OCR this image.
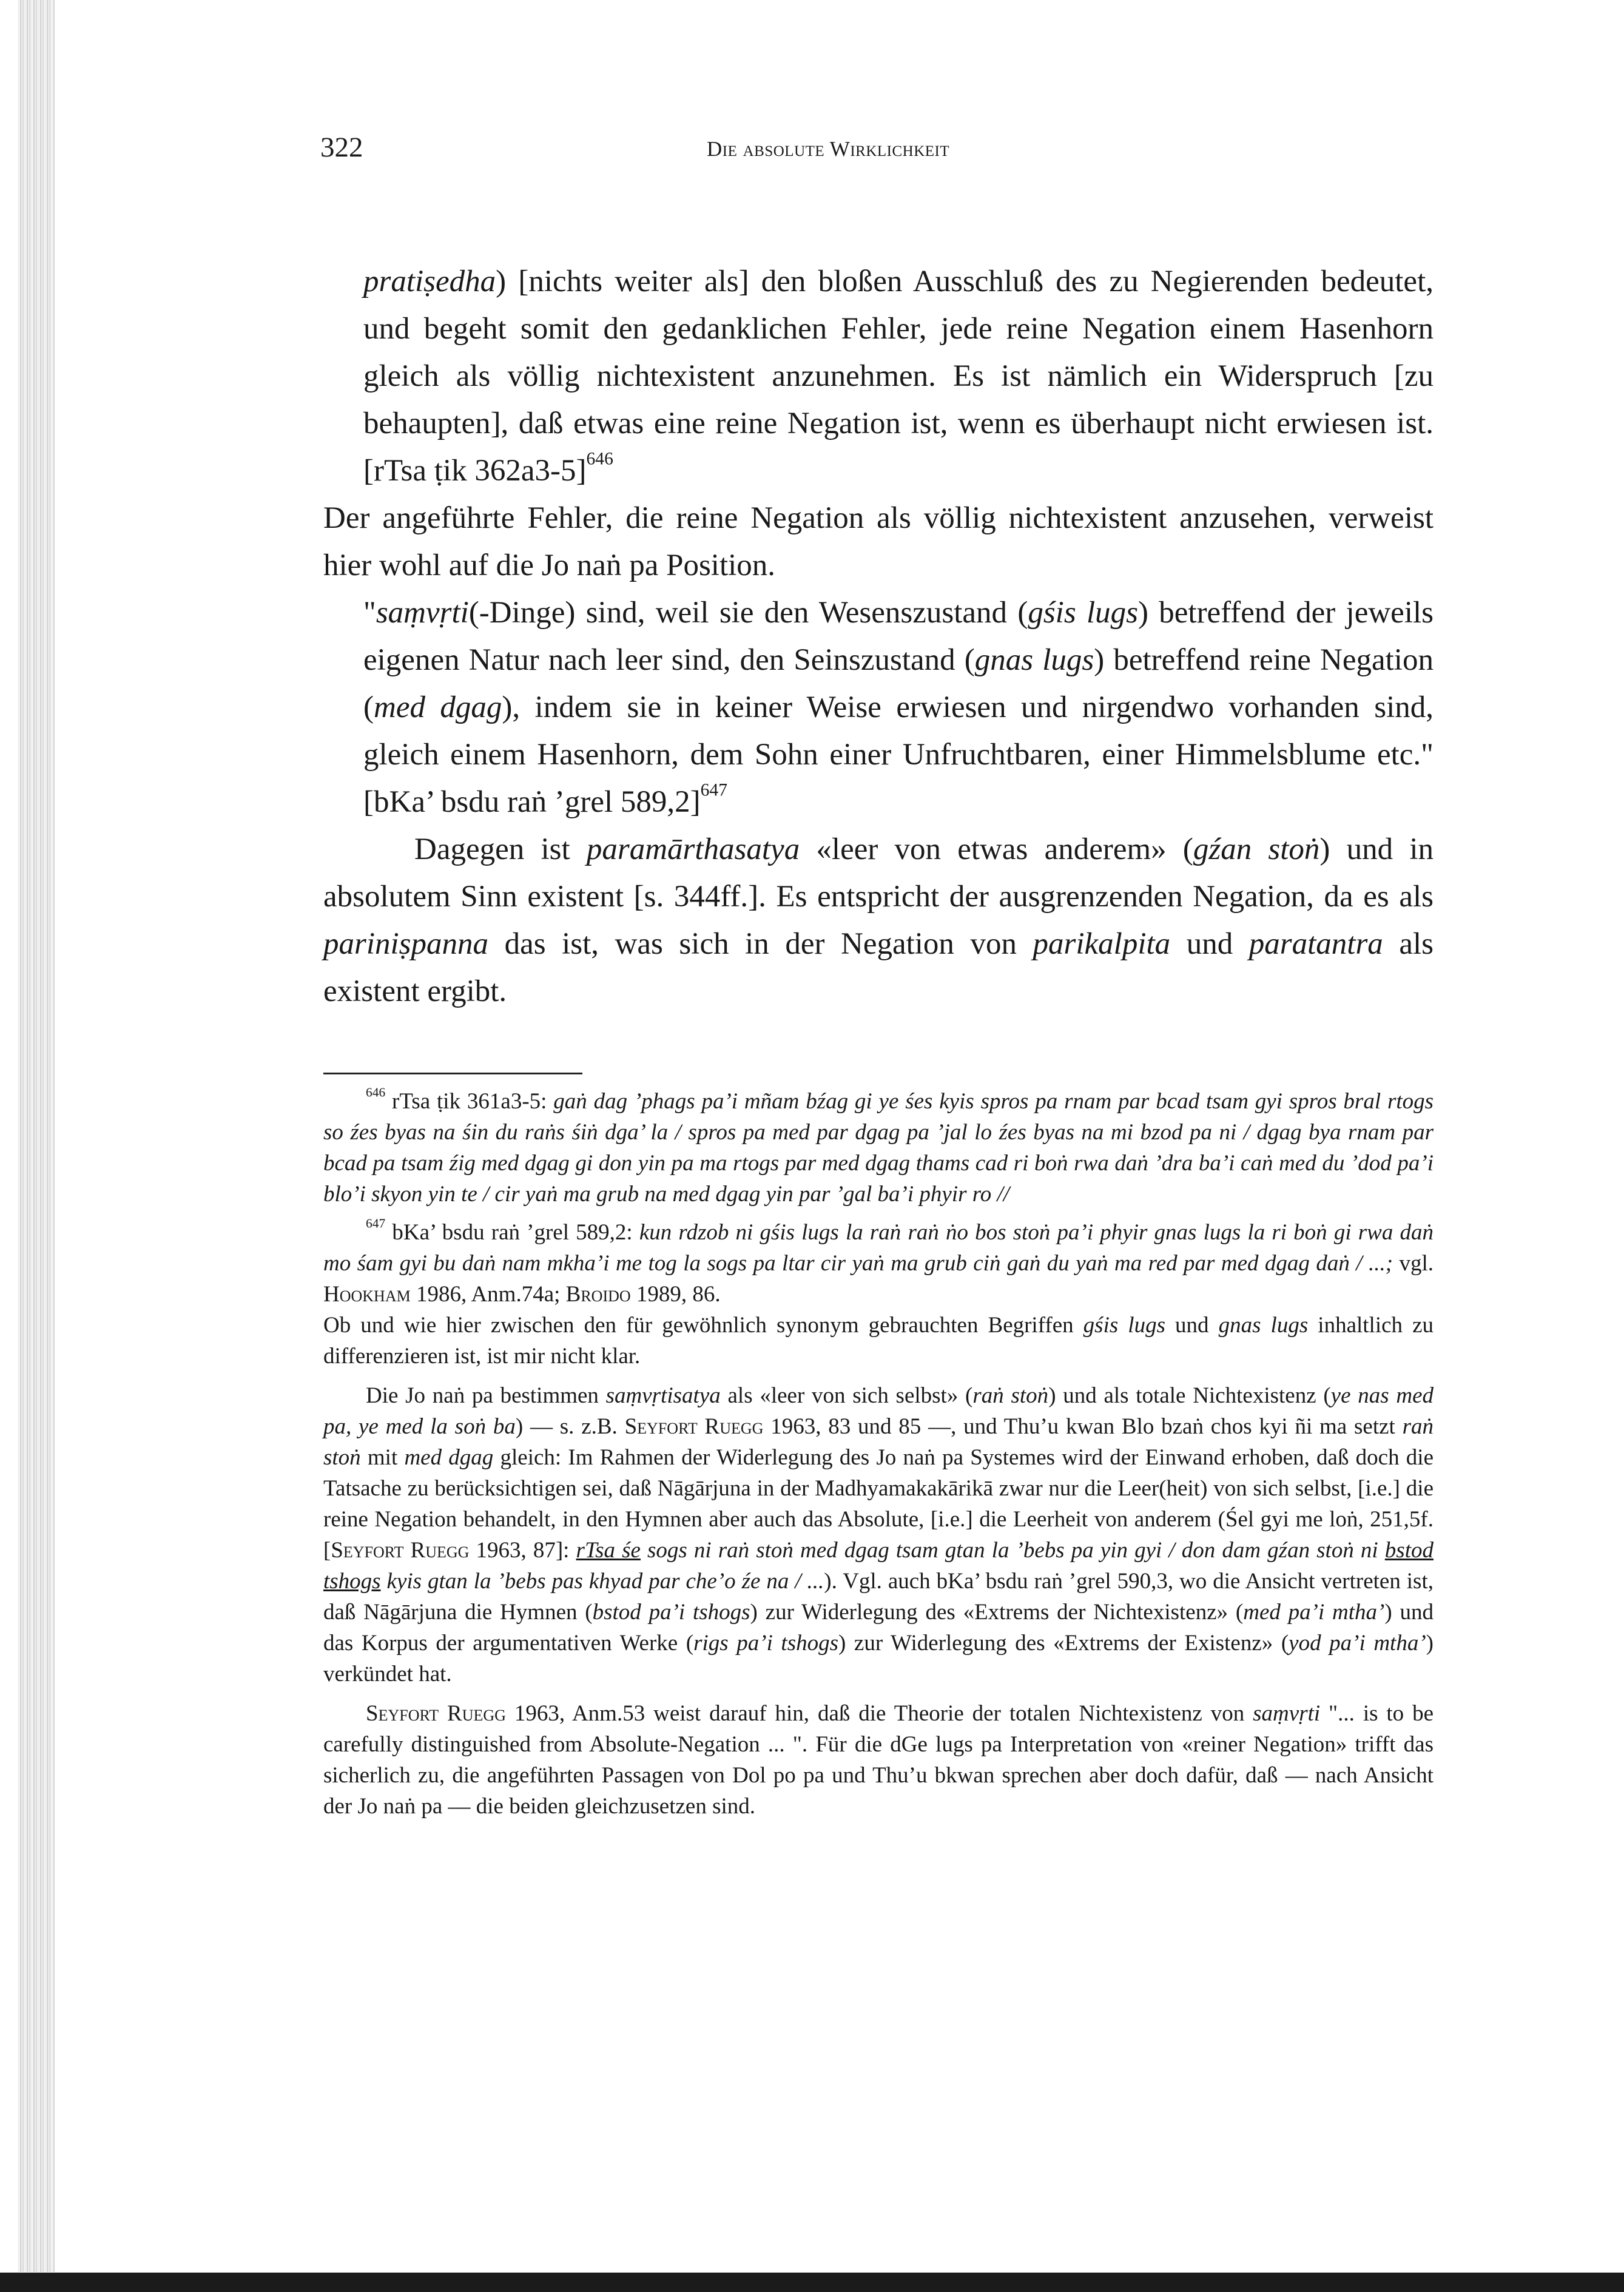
322	Die absolute Wirklichkeit

pratiṣedha) [nichts weiter als] den bloßen Ausschluß des zu Negierenden bedeutet, und begeht somit den gedanklichen Fehler, jede reine Negation einem Hasenhorn gleich als völlig nichtexistent anzunehmen. Es ist nämlich ein Widerspruch [zu behaupten], daß etwas eine reine Negation ist, wenn es überhaupt nicht erwiesen ist. [rTsa ṭik 362a3-5]$^{646}$

Der angeführte Fehler, die reine Negation als völlig nichtexistent anzusehen, verweist hier wohl auf die Jo naṅ pa Position.

"saṃvṛti(-Dinge) sind, weil sie den Wesenszustand (gśis lugs) betreffend der jeweils eigenen Natur nach leer sind, den Seinszustand (gnas lugs) betreffend reine Negation (med dgag), indem sie in keiner Weise erwiesen und nirgendwo vorhanden sind, gleich einem Hasenhorn, dem Sohn einer Unfruchtbaren, einer Himmelsblume etc." [bKa’ bsdu raṅ ’grel 589,2]$^{647}$

Dagegen ist paramārthasatya «leer von etwas anderem» (gźan stoṅ) und in absolutem Sinn existent [s. 344ff.]. Es entspricht der ausgrenzenden Negation, da es als pariniṣpanna das ist, was sich in der Negation von parikalpita und paratantra als existent ergibt.

$^{646}$ rTsa ṭik 361a3-5: gaṅ dag ’phags pa’i mñam bźag gi ye śes kyis spros pa rnam par bcad tsam gyi spros bral rtogs so źes byas na śin du raṅs śiṅ dga’ la / spros pa med par dgag pa ’jal lo źes byas na mi bzod pa ni / dgag bya rnam par bcad pa tsam źig med dgag gi don yin pa ma rtogs par med dgag thams cad ri boṅ rwa daṅ ’dra ba’i caṅ med du ’dod pa’i blo’i skyon yin te / cir yaṅ ma grub na med dgag yin par ’gal ba’i phyir ro //

$^{647}$ bKa’ bsdu raṅ ’grel 589,2: kun rdzob ni gśis lugs la raṅ raṅ ṅo bos stoṅ pa’i phyir gnas lugs la ri boṅ gi rwa daṅ mo śam gyi bu daṅ nam mkha’i me tog la sogs pa ltar cir yaṅ ma grub ciṅ gaṅ du yaṅ ma red par med dgag daṅ / ...; vgl. Hookham 1986, Anm.74a; Broido 1989, 86.

Ob und wie hier zwischen den für gewöhnlich synonym gebrauchten Begriffen gśis lugs und gnas lugs inhaltlich zu differenzieren ist, ist mir nicht klar.

Die Jo naṅ pa bestimmen saṃvṛtisatya als «leer von sich selbst» (raṅ stoṅ) und als totale Nichtexistenz (ye nas med pa, ye med la soṅ ba) — s. z.B. Seyfort Ruegg 1963, 83 und 85 —, und Thu’u kwan Blo bzaṅ chos kyi ñi ma setzt raṅ stoṅ mit med dgag gleich: Im Rahmen der Widerlegung des Jo naṅ pa Systemes wird der Einwand erhoben, daß doch die Tatsache zu berücksichtigen sei, daß Nāgārjuna in der Madhyamakakārikā zwar nur die Leer(heit) von sich selbst, [i.e.] die reine Negation behandelt, in den Hymnen aber auch das Absolute, [i.e.] die Leerheit von anderem (Śel gyi me loṅ, 251,5f. [Seyfort Ruegg 1963, 87]: rTsa śe sogs ni raṅ stoṅ med dgag tsam gtan la ’bebs pa yin gyi / don dam gźan stoṅ ni bstod tshogs kyis gtan la ’bebs pas khyad par che’o źe na / ...). Vgl. auch bKa’ bsdu raṅ ’grel 590,3, wo die Ansicht vertreten ist, daß Nāgārjuna die Hymnen (bstod pa’i tshogs) zur Widerlegung des «Extrems der Nichtexistenz» (med pa’i mtha’) und das Korpus der argumentativen Werke (rigs pa’i tshogs) zur Widerlegung des «Extrems der Existenz» (yod pa’i mtha’) verkündet hat.

Seyfort Ruegg 1963, Anm.53 weist darauf hin, daß die Theorie der totalen Nichtexistenz von saṃvṛti "... is to be carefully distinguished from Absolute-Negation ... ". Für die dGe lugs pa Interpretation von «reiner Negation» trifft das sicherlich zu, die angeführten Passagen von Dol po pa und Thu’u bkwan sprechen aber doch dafür, daß — nach Ansicht der Jo naṅ pa — die beiden gleichzusetzen sind.
